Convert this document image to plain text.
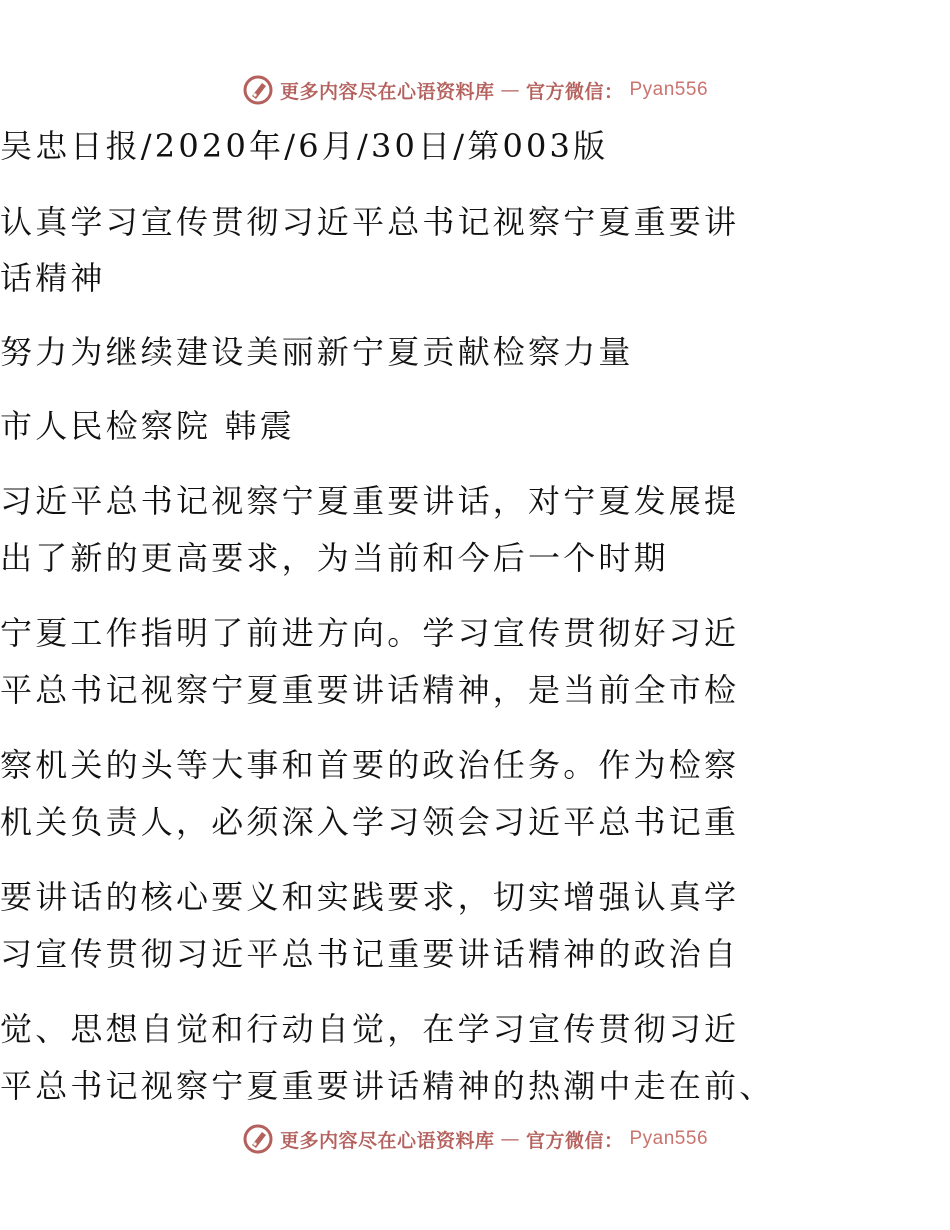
更多内容尽在心语资料库 — 官方微信： Pyan556
吴忠日报/2020年/6月/30日/第003版
认真学习宣传贯彻习近平总书记视察宁夏重要讲
话精神
努力为继续建设美丽新宁夏贡献检察力量
市人民检察院 韩震
习近平总书记视察宁夏重要讲话，对宁夏发展提
出了新的更高要求，为当前和今后一个时期
宁夏工作指明了前进方向。学习宣传贯彻好习近
平总书记视察宁夏重要讲话精神，是当前全市检
察机关的头等大事和首要的政治任务。作为检察
机关负责人，必须深入学习领会习近平总书记重
要讲话的核心要义和实践要求，切实增强认真学
习宣传贯彻习近平总书记重要讲话精神的政治自
觉、思想自觉和行动自觉，在学习宣传贯彻习近
平总书记视察宁夏重要讲话精神的热潮中走在前、
更多内容尽在心语资料库 — 官方微信： Pyan556
